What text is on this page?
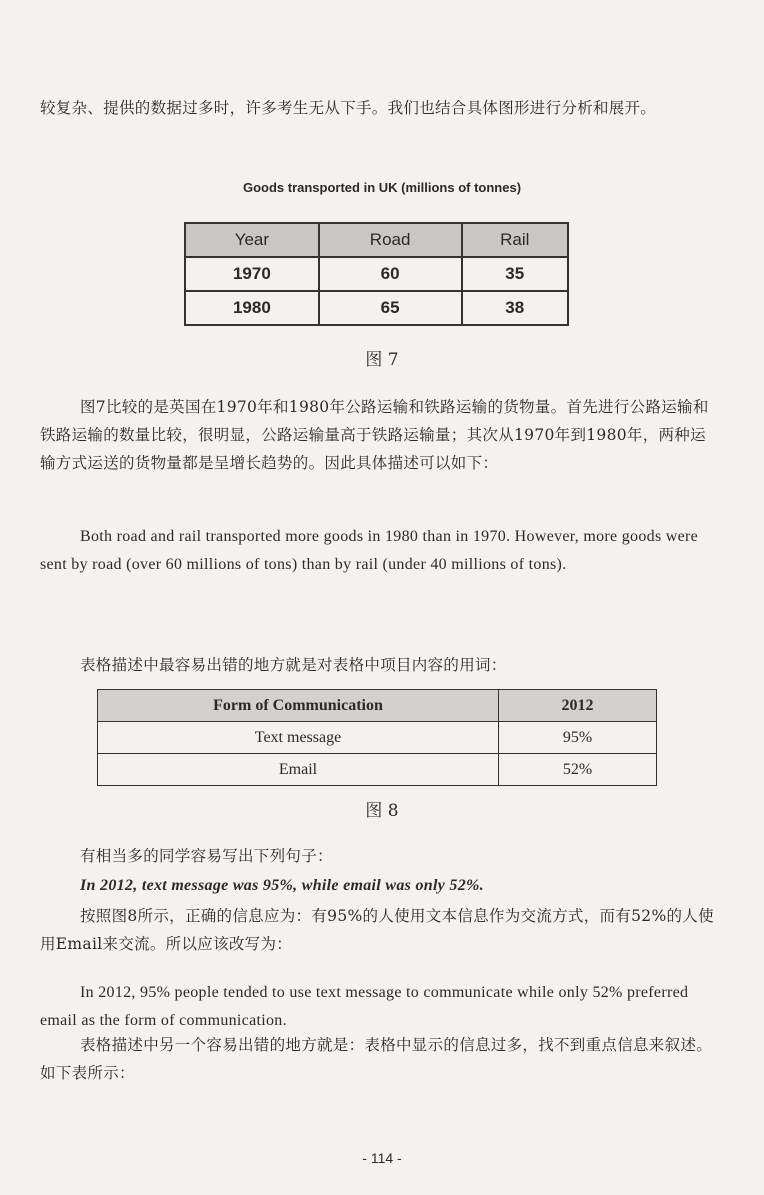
较复杂、提供的数据过多时，许多考生无从下手。我们也结合具体图形进行分析和展开。
Goods transported in UK (millions of tonnes)
Year	Road	Rail
1970	60	35
1980	65	38
图 7
图7比较的是英国在1970年和1980年公路运输和铁路运输的货物量。首先进行公路运输和铁路运输的数量比较，很明显，公路运输量高于铁路运输量；其次从1970年到1980年，两种运输方式运送的货物量都是呈增长趋势的。因此具体描述可以如下：
Both road and rail transported more goods in 1980 than in 1970. However, more goods were sent by road (over 60 millions of tons) than by rail (under 40 millions of tons).
表格描述中最容易出错的地方就是对表格中项目内容的用词：
Form of Communication	2012
Text message	95%
Email	52%
图 8
有相当多的同学容易写出下列句子：
In 2012, text message was 95%, while email was only 52%.
按照图8所示，正确的信息应为：有95%的人使用文本信息作为交流方式，而有52%的人使用Email来交流。所以应该改写为：
In 2012, 95% people tended to use text message to communicate while only 52% preferred email as the form of communication.
表格描述中另一个容易出错的地方就是：表格中显示的信息过多，找不到重点信息来叙述。如下表所示：
- 114 -
